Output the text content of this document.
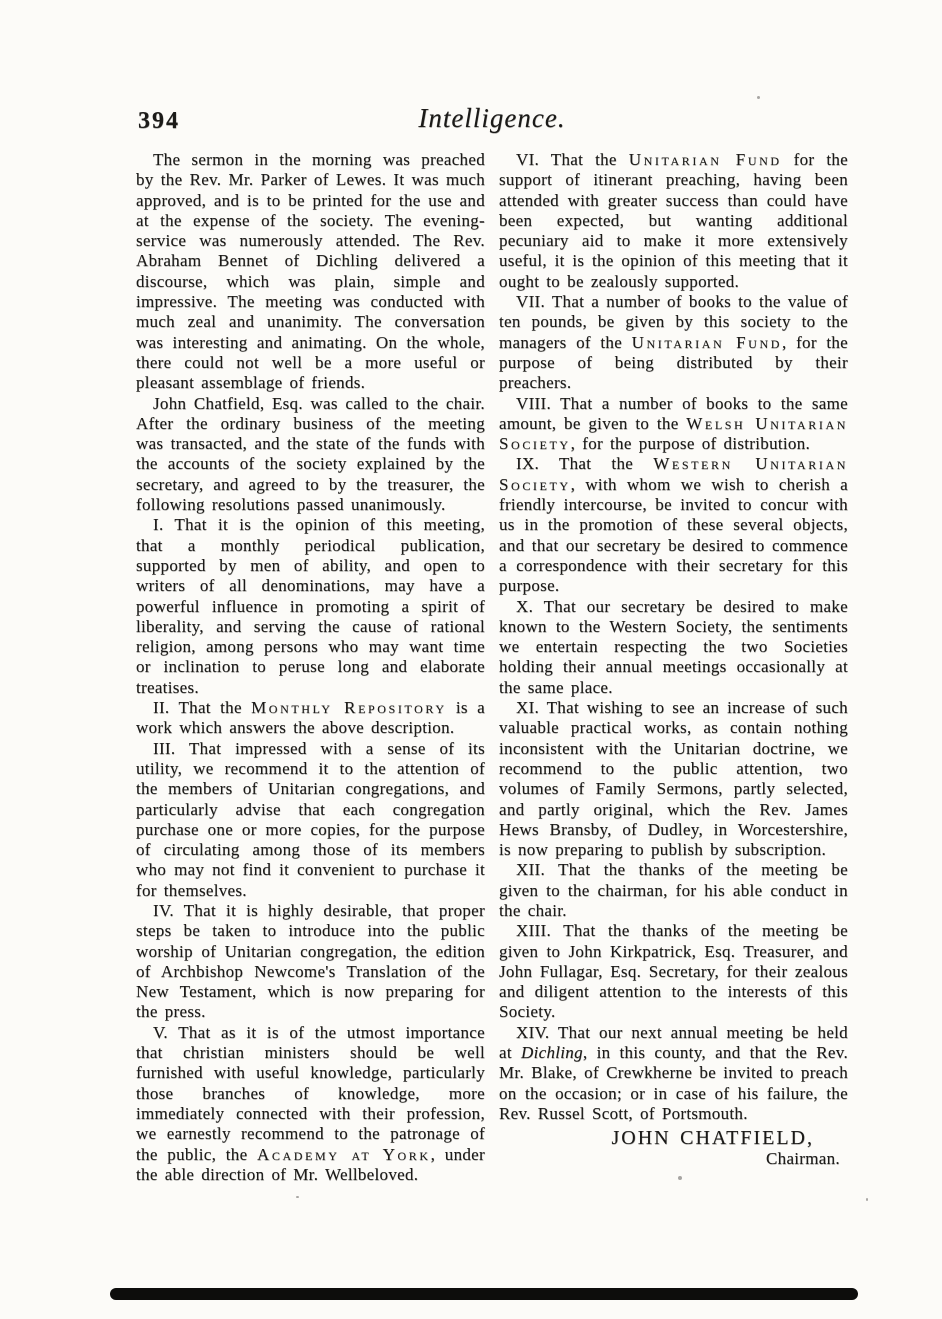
394	Intelligence.

The sermon in the morning was preached by the Rev. Mr. Parker of Lewes. It was much approved, and is to be printed for the use and at the expense of the society. The evening-service was numerously attended. The Rev. Abraham Bennet of Dichling delivered a discourse, which was plain, simple and impressive. The meeting was conducted with much zeal and unanimity. The conversation was interesting and animating. On the whole, there could not well be a more useful or pleasant assemblage of friends.

John Chatfield, Esq. was called to the chair. After the ordinary business of the meeting was transacted, and the state of the funds with the accounts of the society explained by the secretary, and agreed to by the treasurer, the following resolutions passed unanimously.

I. That it is the opinion of this meeting, that a monthly periodical publication, supported by men of ability, and open to writers of all denominations, may have a powerful influence in promoting a spirit of liberality, and serving the cause of rational religion, among persons who may want time or inclination to peruse long and elaborate treatises.

II. That the Monthly Repository is a work which answers the above description.

III. That impressed with a sense of its utility, we recommend it to the attention of the members of Unitarian congregations, and particularly advise that each congregation purchase one or more copies, for the purpose of circulating among those of its members who may not find it convenient to purchase it for themselves.

IV. That it is highly desirable, that proper steps be taken to introduce into the public worship of Unitarian congregation, the edition of Archbishop Newcome's Translation of the New Testament, which is now preparing for the press.

V. That as it is of the utmost importance that christian ministers should be well furnished with useful knowledge, particularly those branches of knowledge, more immediately connected with their profession, we earnestly recommend to the patronage of the public, the Academy at York, under the able direction of Mr. Wellbeloved.

VI. That the Unitarian Fund for the support of itinerant preaching, having been attended with greater success than could have been expected, but wanting additional pecuniary aid to make it more extensively useful, it is the opinion of this meeting that it ought to be zealously supported.

VII. That a number of books to the value of ten pounds, be given by this society to the managers of the Unitarian Fund, for the purpose of being distributed by their preachers.

VIII. That a number of books to the same amount, be given to the Welsh Unitarian Society, for the purpose of distribution.

IX. That the Western Unitarian Society, with whom we wish to cherish a friendly intercourse, be invited to concur with us in the promotion of these several objects, and that our secretary be desired to commence a correspondence with their secretary for this purpose.

X. That our secretary be desired to make known to the Western Society, the sentiments we entertain respecting the two Societies holding their annual meetings occasionally at the same place.

XI. That wishing to see an increase of such valuable practical works, as contain nothing inconsistent with the Unitarian doctrine, we recommend to the public attention, two volumes of Family Sermons, partly selected, and partly original, which the Rev. James Hews Bransby, of Dudley, in Worcestershire, is now preparing to publish by subscription.

XII. That the thanks of the meeting be given to the chairman, for his able conduct in the chair.

XIII. That the thanks of the meeting be given to John Kirkpatrick, Esq. Treasurer, and John Fullagar, Esq. Secretary, for their zealous and diligent attention to the interests of this Society.

XIV. That our next annual meeting be held at Dichling, in this county, and that the Rev. Mr. Blake, of Crewkherne be invited to preach on the occasion; or in case of his failure, the Rev. Russel Scott, of Portsmouth.

JOHN CHATFIELD,

Chairman.
